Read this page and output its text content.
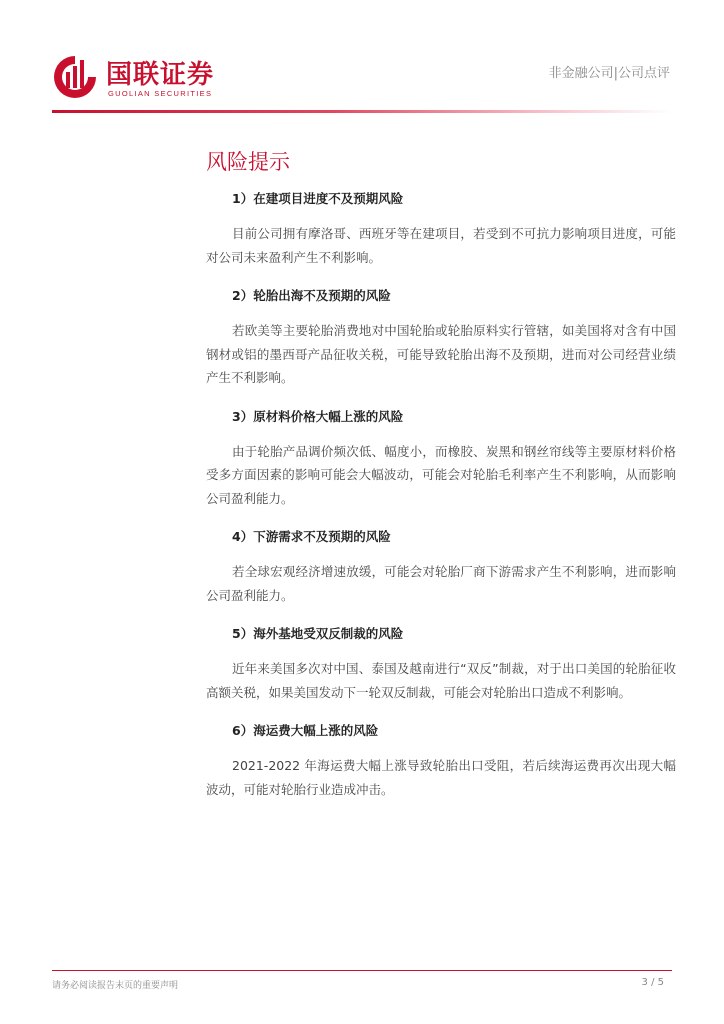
国联证券
GUOLIAN SECURITIES
非金融公司|公司点评
风险提示
1）在建项目进度不及预期风险

目前公司拥有摩洛哥、西班牙等在建项目，若受到不可抗力影响项目进度，可能对公司未来盈利产生不利影响。

2）轮胎出海不及预期的风险

若欧美等主要轮胎消费地对中国轮胎或轮胎原料实行管辖，如美国将对含有中国钢材或铝的墨西哥产品征收关税，可能导致轮胎出海不及预期，进而对公司经营业绩产生不利影响。

3）原材料价格大幅上涨的风险

由于轮胎产品调价频次低、幅度小，而橡胶、炭黑和钢丝帘线等主要原材料价格受多方面因素的影响可能会大幅波动，可能会对轮胎毛利率产生不利影响，从而影响公司盈利能力。

4）下游需求不及预期的风险

若全球宏观经济增速放缓，可能会对轮胎厂商下游需求产生不利影响，进而影响公司盈利能力。

5）海外基地受双反制裁的风险

近年来美国多次对中国、泰国及越南进行“双反”制裁，对于出口美国的轮胎征收高额关税，如果美国发动下一轮双反制裁，可能会对轮胎出口造成不利影响。

6）海运费大幅上涨的风险

2021-2022 年海运费大幅上涨导致轮胎出口受阻，若后续海运费再次出现大幅波动，可能对轮胎行业造成冲击。

请务必阅读报告末页的重要声明	3 / 5
